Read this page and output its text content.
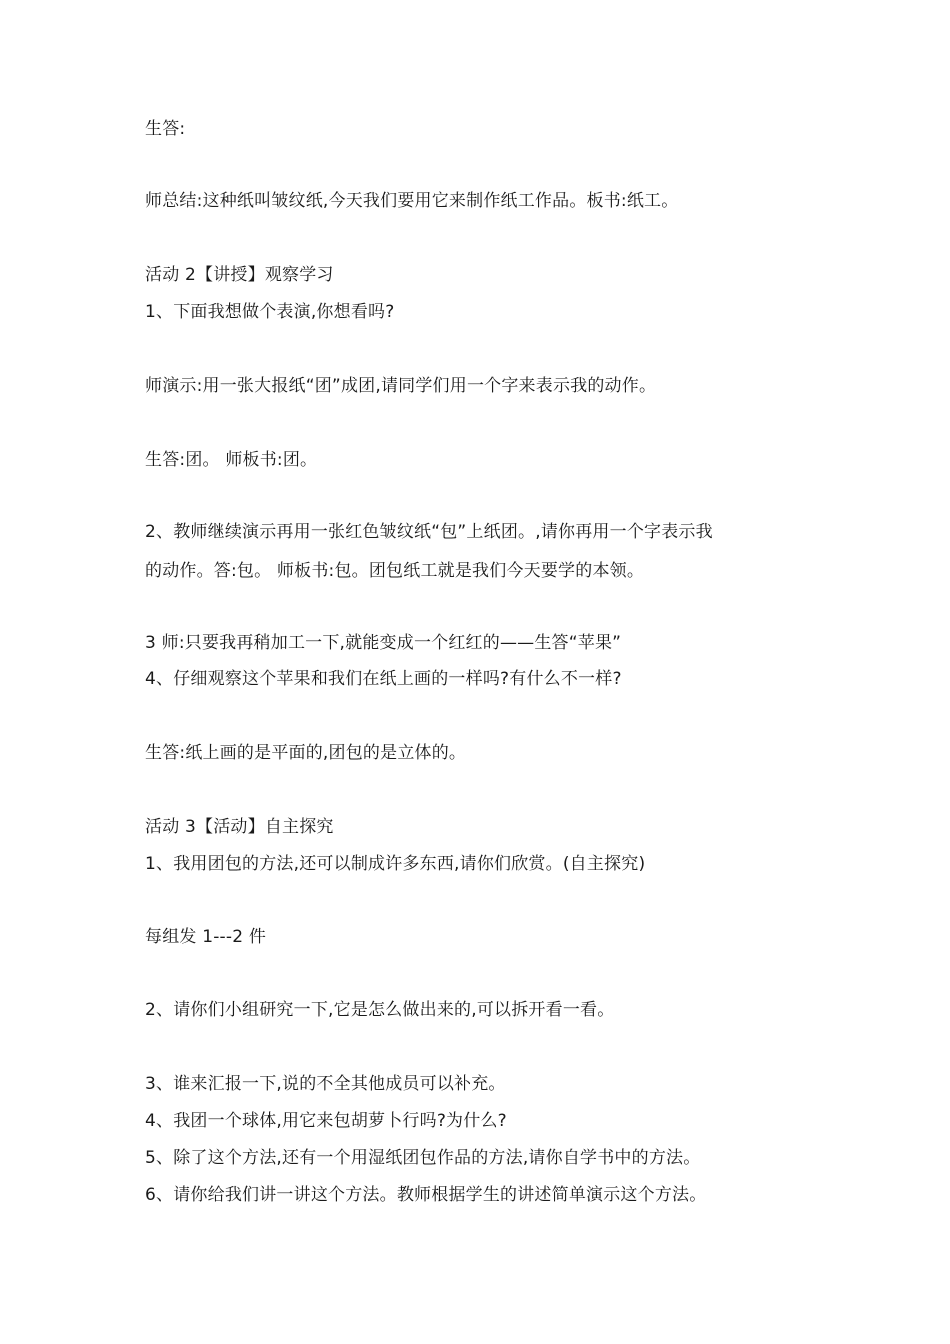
生答:
师总结:这种纸叫皱纹纸,今天我们要用它来制作纸工作品。板书:纸工。
活动 2【讲授】观察学习
1、下面我想做个表演,你想看吗?
师演示:用一张大报纸“团”成团,请同学们用一个字来表示我的动作。
生答:团。 师板书:团。
2、教师继续演示再用一张红色皱纹纸“包”上纸团。,请你再用一个字表示我
的动作。答:包。 师板书:包。团包纸工就是我们今天要学的本领。
3 师:只要我再稍加工一下,就能变成一个红红的——生答“苹果”
4、仔细观察这个苹果和我们在纸上画的一样吗?有什么不一样?
生答:纸上画的是平面的,团包的是立体的。
活动 3【活动】自主探究
1、我用团包的方法,还可以制成许多东西,请你们欣赏。(自主探究)
每组发 1---2 件
2、请你们小组研究一下,它是怎么做出来的,可以拆开看一看。
3、谁来汇报一下,说的不全其他成员可以补充。
4、我团一个球体,用它来包胡萝卜行吗?为什么?
5、除了这个方法,还有一个用湿纸团包作品的方法,请你自学书中的方法。
6、请你给我们讲一讲这个方法。教师根据学生的讲述简单演示这个方法。
